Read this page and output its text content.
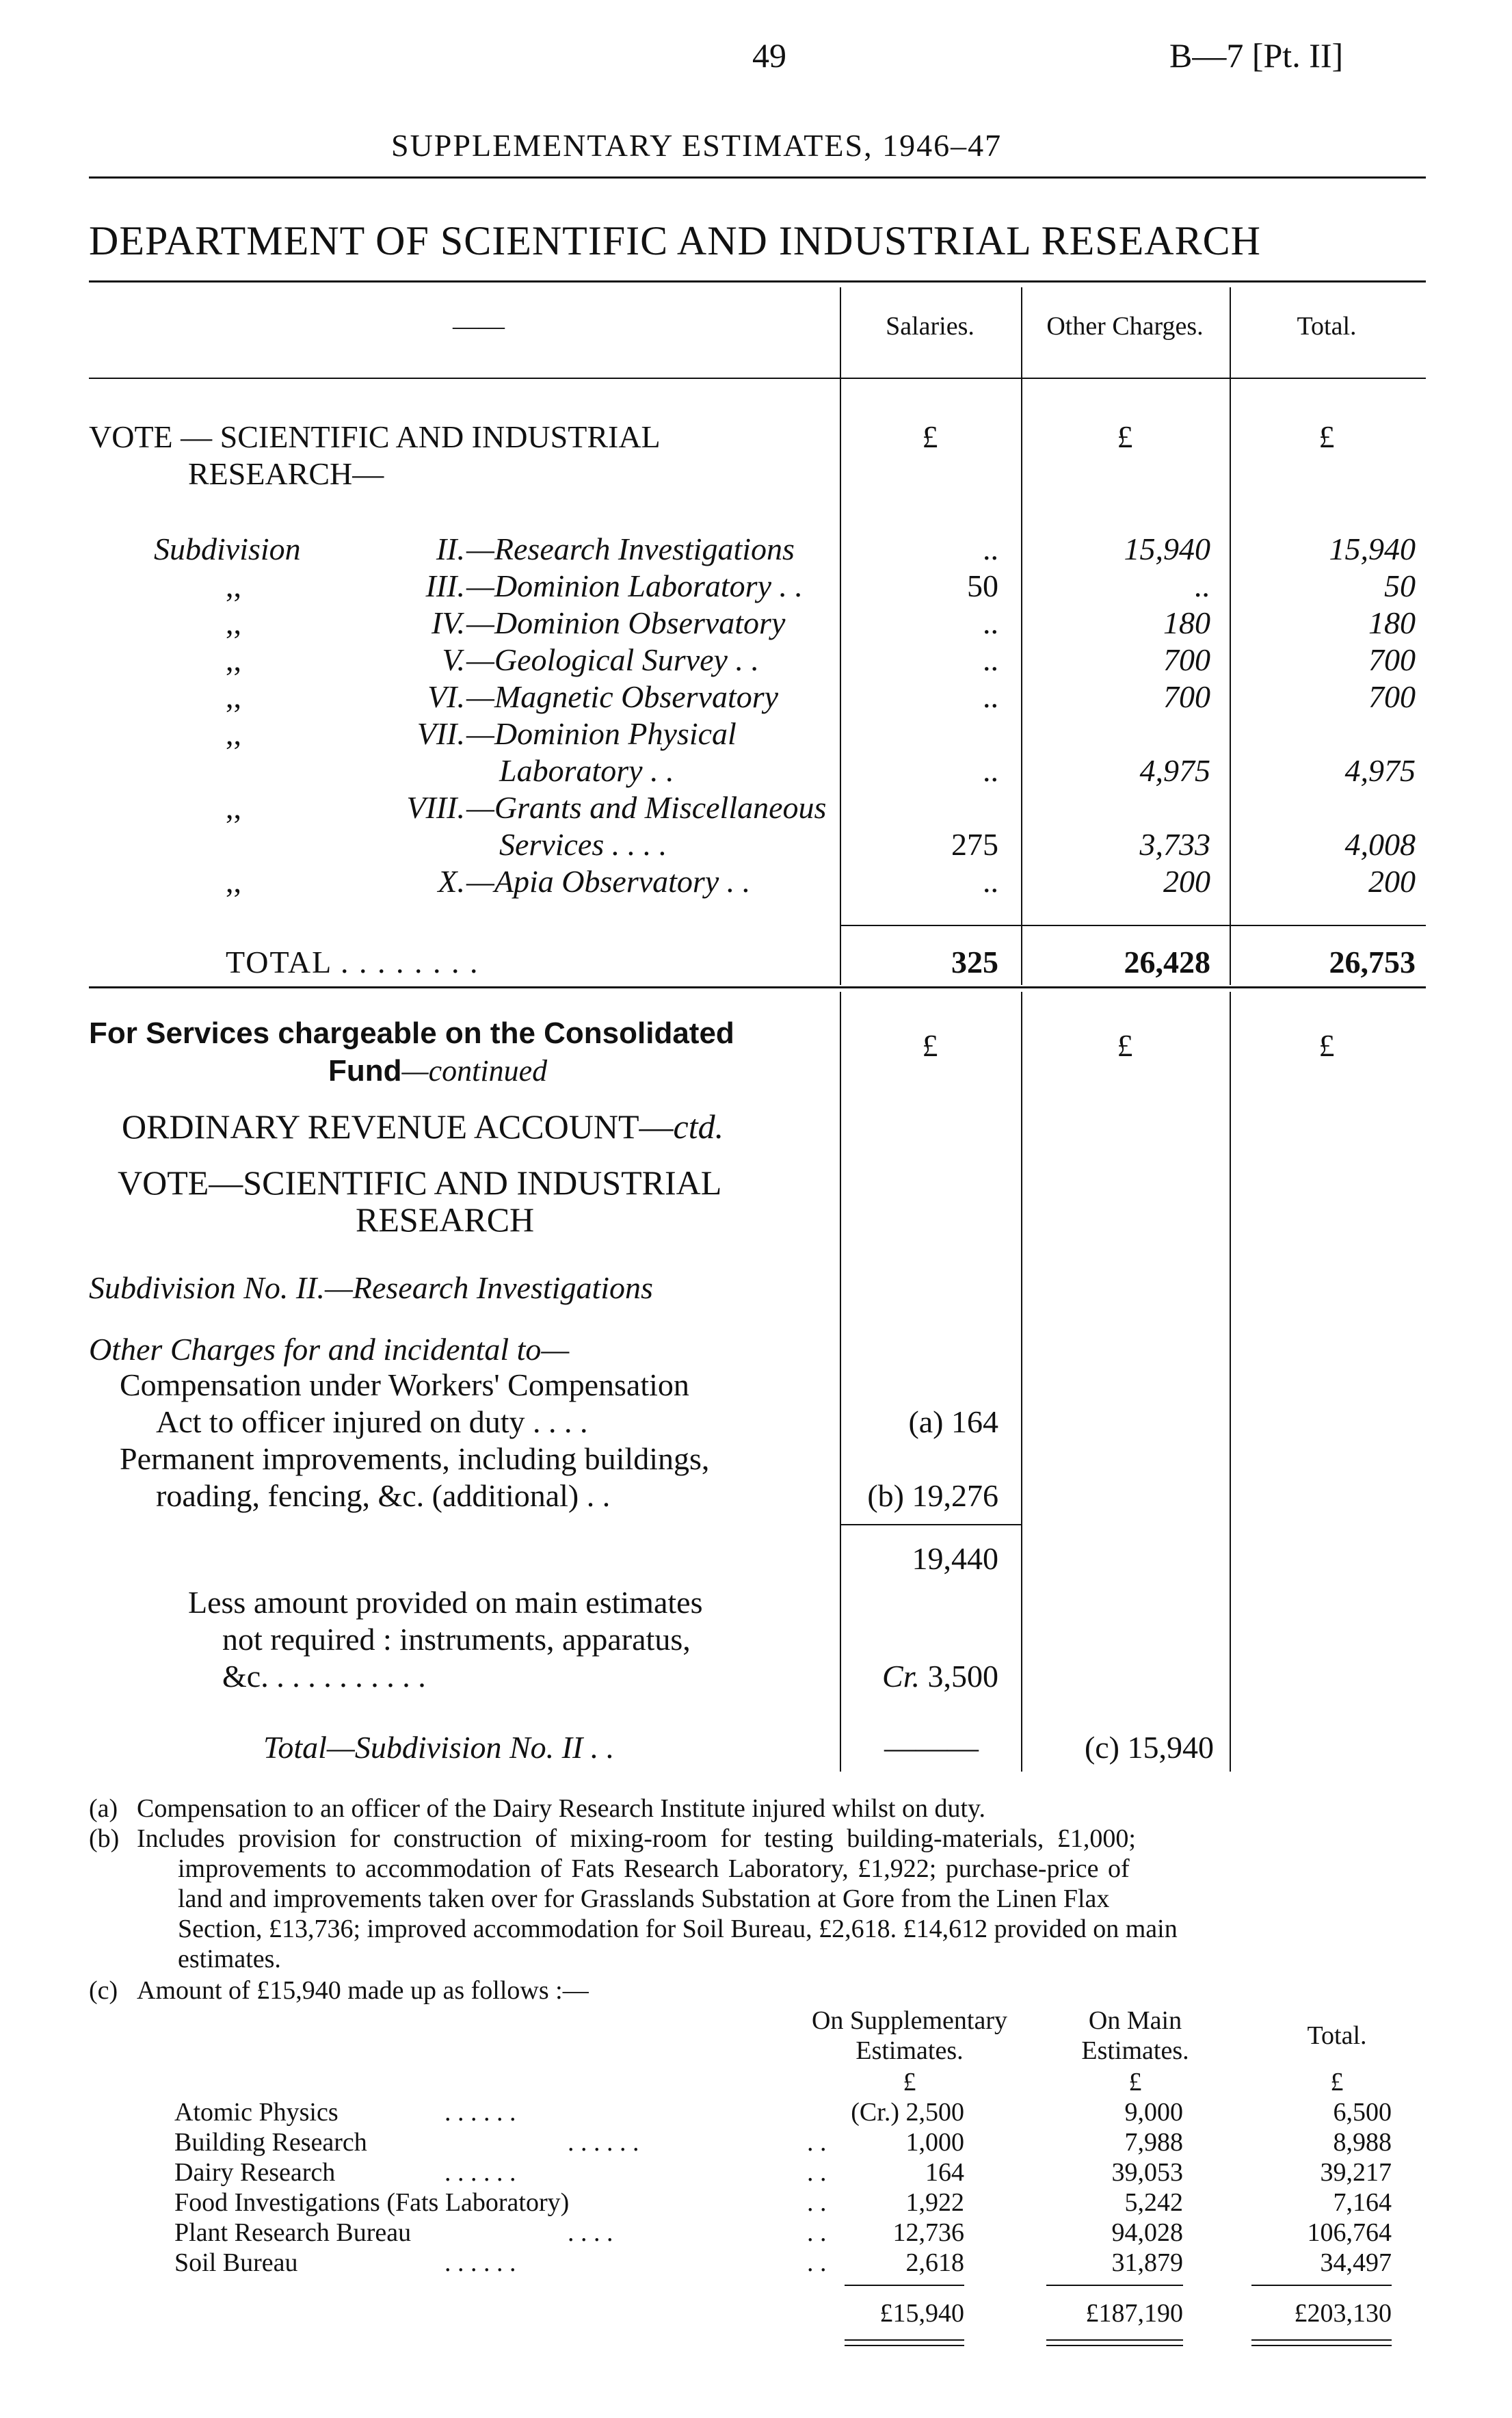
49	B—7 [Pt. II]
SUPPLEMENTARY ESTIMATES, 1946–47
DEPARTMENT OF SCIENTIFIC AND INDUSTRIAL RESEARCH
——	Salaries.	Other Charges.	Total.
VOTE — SCIENTIFIC AND INDUSTRIAL
RESEARCH—
£	£	£
Subdivision	II. —Research Investigations	..	15,940	15,940
,,	III. —Dominion Laboratory . .	50	..	50
,,	IV. —Dominion Observatory	..	180	180
,,	V. —Geological Survey . .	..	700	700
,,	VI. —Magnetic Observatory	..	700	700
,,	VII. —Dominion Physical
Laboratory . .	..	4,975	4,975
,,	VIII. —Grants and Miscellaneous
Services . . . .	275	3,733	4,008
,,	X. —Apia Observatory . .	..	200	200
TOTAL . . . . . . . .	325	26,428	26,753
For Services chargeable on the Consolidated
Fund—continued
£	£	£
ORDINARY REVENUE ACCOUNT—ctd.
VOTE—SCIENTIFIC AND INDUSTRIAL
RESEARCH
Subdivision No. II.—Research Investigations
Other Charges for and incidental to—
Compensation under Workers' Compensation
Act to officer injured on duty . . . .	(a) 164
Permanent improvements, including buildings,
roading, fencing, &c. (additional) . .	(b) 19,276
19,440
Less amount provided on main estimates
not required : instruments, apparatus,
&c. . . . . . . . . . .	Cr. 3,500
Total—Subdivision No. II . .	———	(c) 15,940
(a) Compensation to an officer of the Dairy Research Institute injured whilst on duty.
(b) Includes provision for construction of mixing-room for testing building-materials, £1,000;
improvements to accommodation of Fats Research Laboratory, £1,922; purchase-price of
land and improvements taken over for Grasslands Substation at Gore from the Linen Flax
Section, £13,736; improved accommodation for Soil Bureau, £2,618. £14,612 provided on main
estimates.
(c) Amount of £15,940 made up as follows :—
On Supplementary
Estimates.
On Main
Estimates.
Total.
£	£	£
Atomic Physics	. . . . . .	(Cr.) 2,500	9,000	6,500
Building Research	. . . . . .	. .	1,000	7,988	8,988
Dairy Research	. . . . . .	. .	164	39,053	39,217
Food Investigations (Fats Laboratory)	. .	1,922	5,242	7,164
Plant Research Bureau	. . . .	. .	12,736	94,028	106,764
Soil Bureau	. . . . . .	. .	2,618	31,879	34,497
£15,940	£187,190	£203,130
